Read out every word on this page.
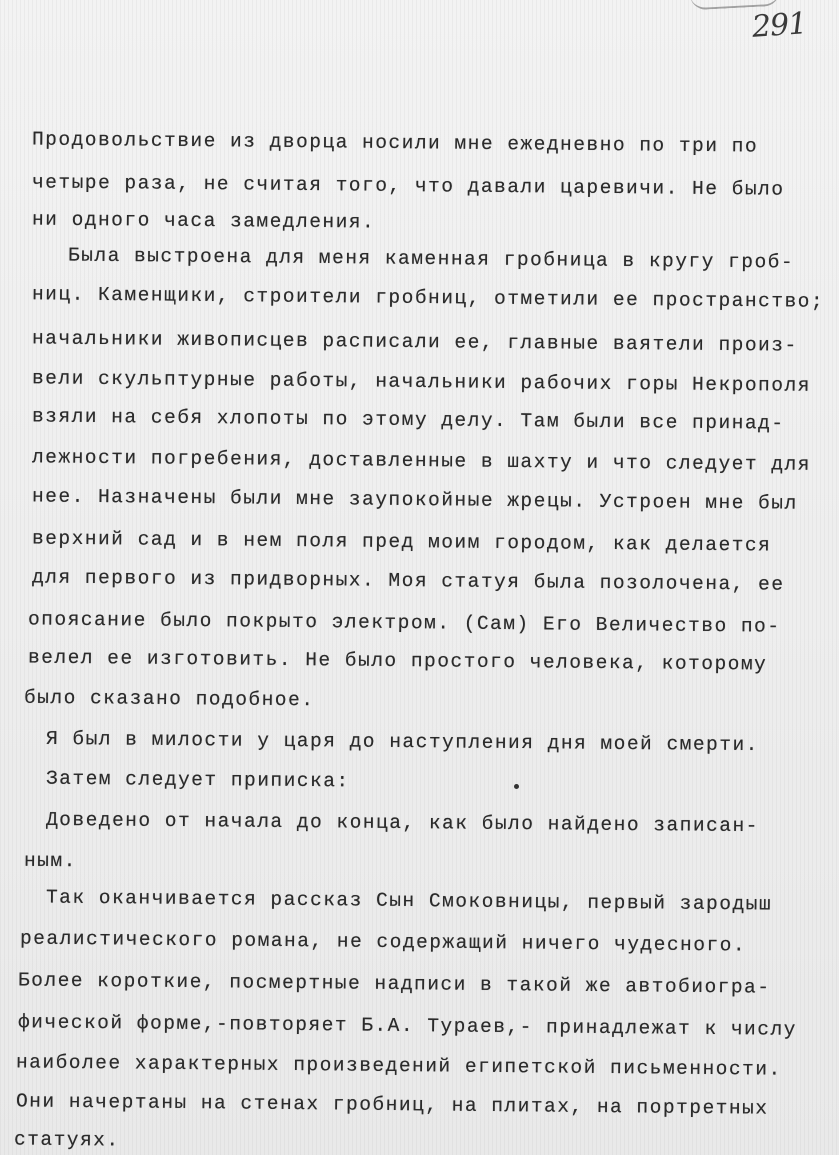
291
Продовольствие из дворца носили мне ежедневно по три по
четыре раза, не считая того, что давали царевичи. Не было
ни одного часа замедления.
Была выстроена для меня каменная гробница в кругу гроб-
ниц. Каменщики, строители гробниц, отметили ее пространство;
начальники живописцев расписали ее, главные ваятели произ-
вели скульптурные работы, начальники рабочих горы Некрополя
взяли на себя хлопоты по этому делу. Там были все принад-
лежности погребения, доставленные в шахту и что следует для
нее. Назначены были мне заупокойные жрецы. Устроен мне был
верхний сад и в нем поля пред моим городом, как делается
для первого из придворных. Моя статуя была позолочена, ее
опоясание было покрыто электром. (Сам) Его Величество по-
велел ее изготовить. Не было простого человека, которому
было сказано подобное.
Я был в милости у царя до наступления дня моей смерти.
Затем следует приписка:
Доведено от начала до конца, как было найдено записан-
ным.
Так оканчивается рассказ Сын Смоковницы, первый зародыш
реалистического романа, не содержащий ничего чудесного.
Более короткие, посмертные надписи в такой же автобиогра-
фической форме,-повторяет Б.А. Тураев,- принадлежат к числу
наиболее характерных произведений египетской письменности.
Они начертаны на стенах гробниц, на плитах, на портретных
статуях.
